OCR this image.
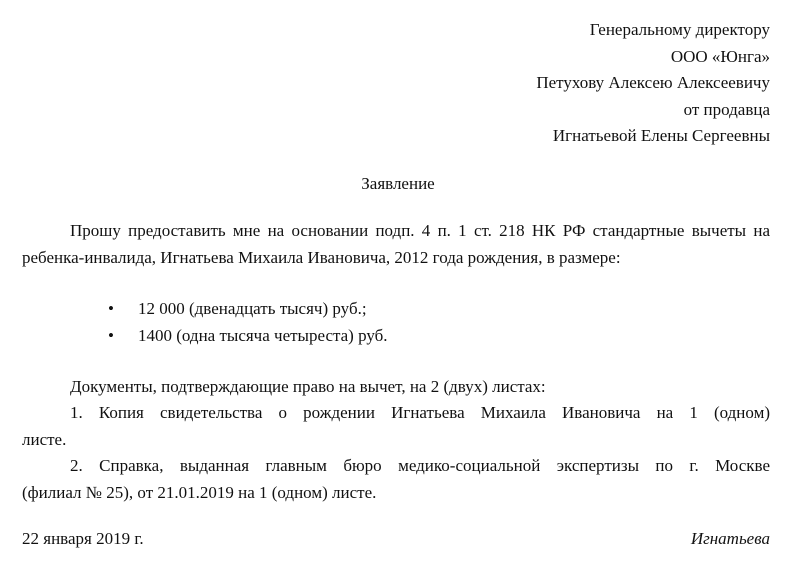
Генеральному директору
ООО «Юнга»
Петухову Алексею Алексеевичу
от продавца
Игнатьевой Елены Сергеевны
Заявление
Прошу предоставить мне на основании подп. 4 п. 1 ст. 218 НК РФ стандартные вычеты на ребенка-инвалида, Игнатьева Михаила Ивановича, 2012 года рождения, в размере:
• 12 000 (двенадцать тысяч) руб.;
• 1400 (одна тысяча четыреста) руб.
Документы, подтверждающие право на вычет, на 2 (двух) листах:
1. Копия свидетельства о рождении Игнатьева Михаила Ивановича на 1 (одном)
листе.
2. Справка, выданная главным бюро медико-социальной экспертизы по г. Москве
(филиал № 25), от 21.01.2019 на 1 (одном) листе.
22 января 2019 г.	Игнатьева
